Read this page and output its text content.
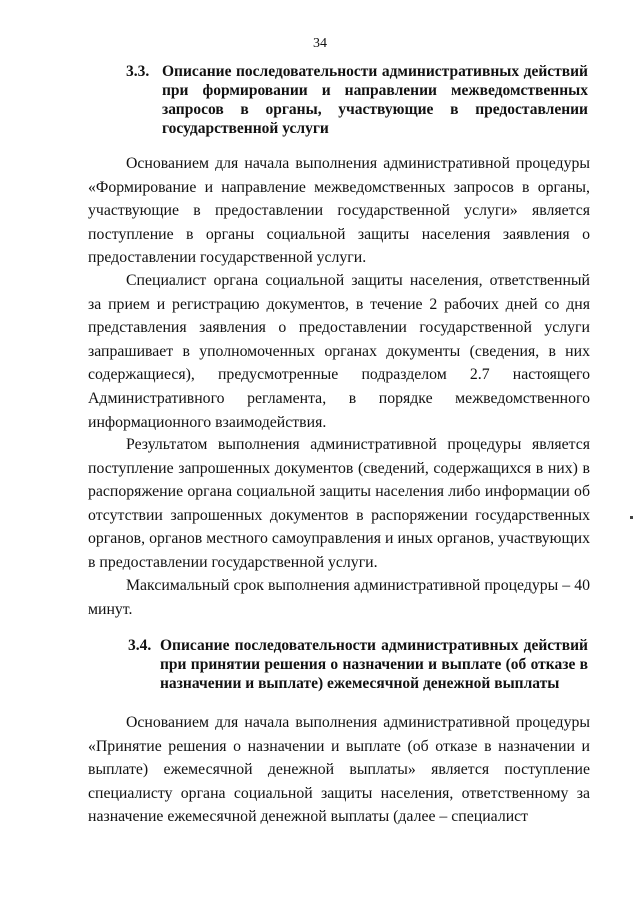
34
3.3. Описание последовательности административных действий при формировании и направлении межведомственных запросов в органы, участвующие в предоставлении государственной услуги

Основанием для начала выполнения административной процедуры «Формирование и направление межведомственных запросов в органы, участвующие в предоставлении государственной услуги» является поступление в органы социальной защиты населения заявления о предоставлении государственной услуги.

Специалист органа социальной защиты населения, ответственный за прием и регистрацию документов, в течение 2 рабочих дней со дня представления заявления о предоставлении государственной услуги запрашивает в уполномоченных органах документы (сведения, в них содержащиеся), предусмотренные подразделом 2.7 настоящего Административного регламента, в порядке межведомственного информационного взаимодействия.

Результатом выполнения административной процедуры является поступление запрошенных документов (сведений, содержащихся в них) в распоряжение органа социальной защиты населения либо информации об отсутствии запрошенных документов в распоряжении государственных органов, органов местного самоуправления и иных органов, участвующих в предоставлении государственной услуги.

Максимальный срок выполнения административной процедуры – 40 минут.

3.4. Описание последовательности административных действий при принятии решения о назначении и выплате (об отказе в назначении и выплате) ежемесячной денежной выплаты

Основанием для начала выполнения административной процедуры «Принятие решения о назначении и выплате (об отказе в назначении и выплате) ежемесячной денежной выплаты» является поступление специалисту органа социальной защиты населения, ответственному за назначение ежемесячной денежной выплаты (далее – специалист
